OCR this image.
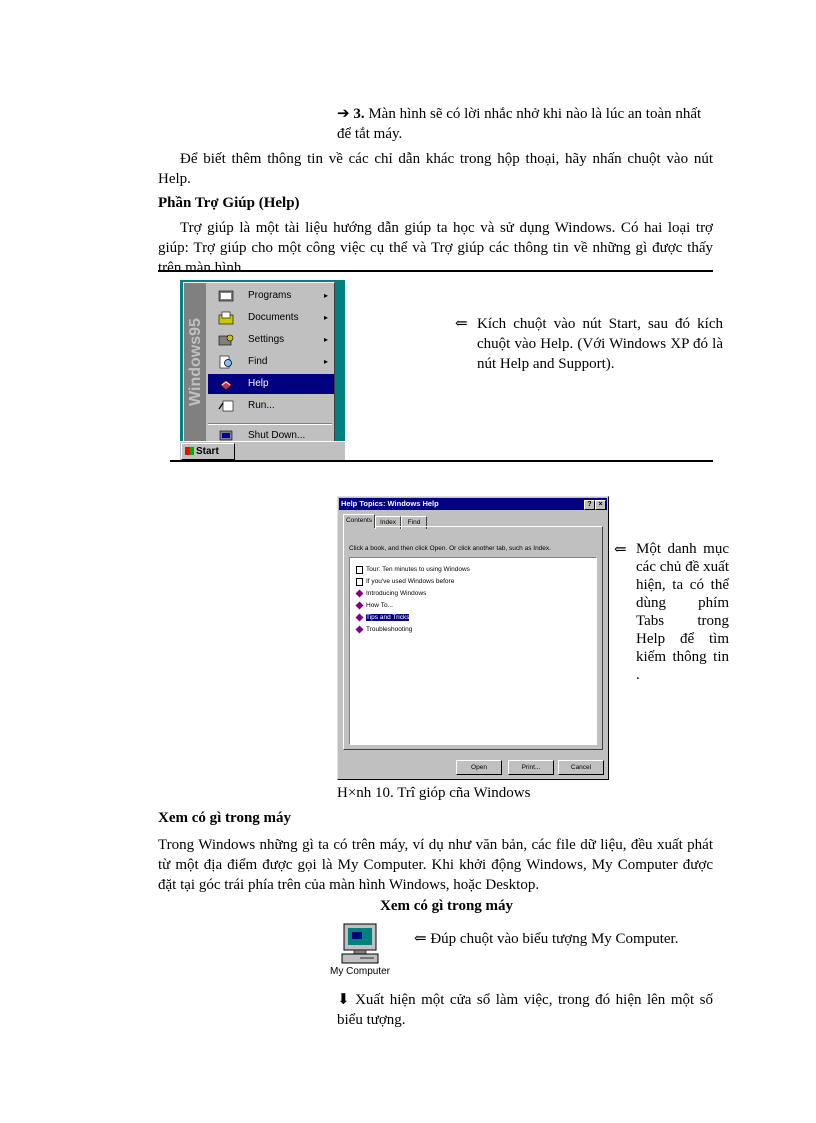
➔ 3. Màn hình sẽ có lời nhắc nhở khi nào là lúc an toàn nhất để tắt máy.
Để biết thêm thông tin về các chỉ dẫn khác trong hộp thoại, hãy nhấn chuột vào nút Help.
Phần Trợ Giúp (Help)
Trợ giúp là một tài liệu hướng dẫn giúp ta học và sử dụng Windows. Có hai loại trợ giúp: Trợ giúp cho một công việc cụ thể và Trợ giúp các thông tin về những gì được thấy trên màn hình.
Windows95
Programs	▸
Documents	▸
Settings	▸
Find	▸
Help
Run...
Shut Down...
Start
⇐ Kích chuột vào nút Start, sau đó kích chuột vào Help. (Với Windows XP đó là nút Help and Support).
Help Topics: Windows Help	? ×
Contents	Index	Find
Click a book, and then click Open. Or click another tab, such as Index.
Tour: Ten minutes to using Windows
If you've used Windows before
Introducing Windows
How To...
Tips and Tricks
Troubleshooting
Open	Print...	Cancel
⇐ Một danh mục các chủ đề xuất hiện, ta có thể dùng phím Tabs trong Help để tìm kiếm thông tin .
H×nh 10. Trî gióp cña Windows
Xem có gì trong máy
Trong Windows những gì ta có trên máy, ví dụ như văn bản, các file dữ liệu, đều xuất phát từ một địa điểm được gọi là My Computer. Khi khởi động Windows, My Computer được đặt tại góc trái phía trên của màn hình Windows, hoặc Desktop.
Xem có gì trong máy
My Computer
⇐ Đúp chuột vào biểu tượng My Computer.
⬇ Xuất hiện một cửa sổ làm việc, trong đó hiện lên một số biểu tượng.
